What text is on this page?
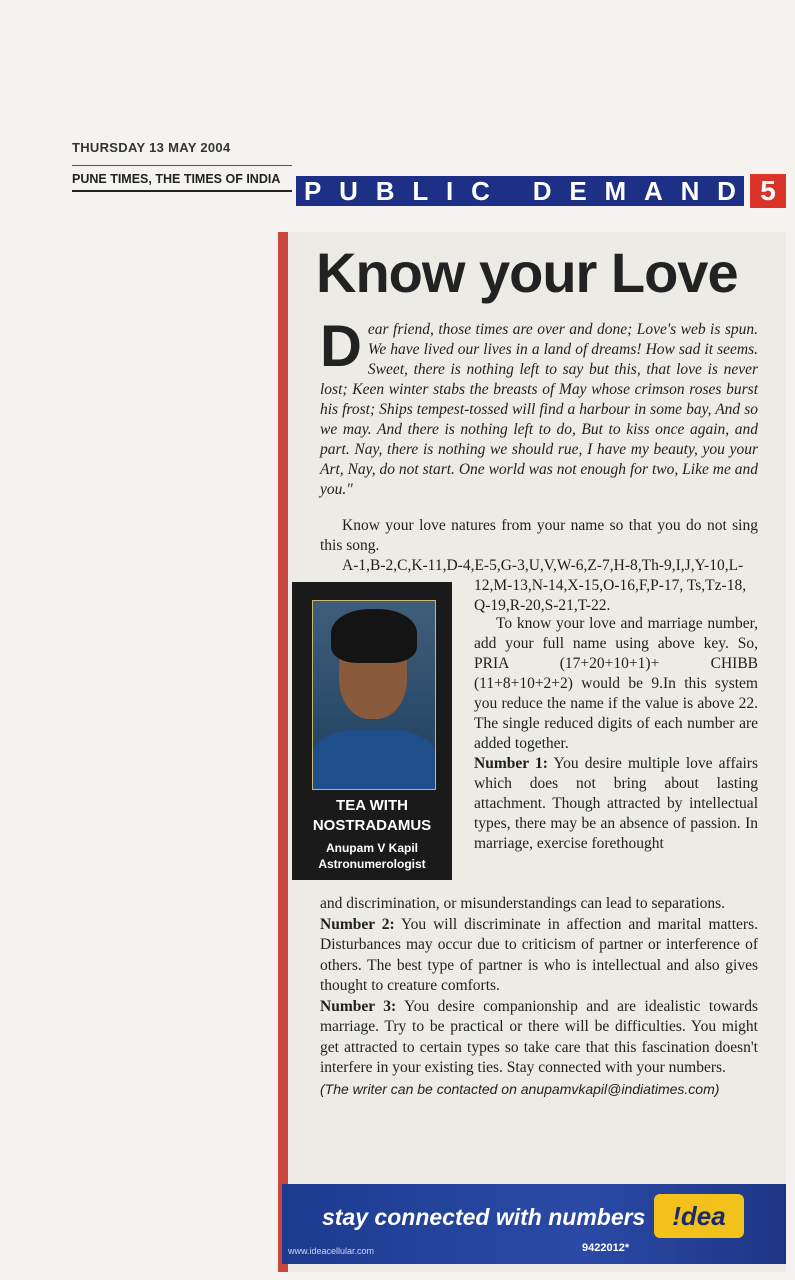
THURSDAY 13 MAY 2004
PUNE TIMES, THE TIMES OF INDIA P U B L I C
D E M A N D 5
Know your Love
Dear friend, those times are over and done; Love's web is spun. We have lived our lives in a land of dreams! How sad it seems. Sweet, there is nothing left to say but this, that love is never lost; Keen winter stabs the breasts of May whose crimson roses burst his frost; Ships tempest-tossed will find a harbour in some bay, And so we may. And there is nothing left to do, But to kiss once again, and part. Nay, there is nothing we should rue, I have my beauty, you your Art, Nay, do not start. One world was not enough for two, Like me and you."

Know your love natures from your name so that you do not sing this song.

A-1,B-2,C,K-11,D-4,E-5,G-3,U,V,W-6,Z-7,H-8,Th-9,I,J,Y-10,L-

12,M-13,N-14,X-15,O-16,F,P-17, Ts,Tz-18, Q-19,R-20,S-21,T-22.

TEA WITH NOSTRADAMUS
Anupam V Kapil
Astronumerologist

To know your love and marriage number, add your full name using above key. So, PRIA (17+20+10+1)+ CHIBB (11+8+10+2+2) would be 9.In this system you reduce the name if the value is above 22. The single reduced digits of each number are added together.

Number 1: You desire multiple love affairs which does not bring about lasting attachment. Though attracted by intellectual types, there may be an absence of passion. In marriage, exercise forethought

and discrimination, or misunderstandings can lead to separations.

Number 2: You will discriminate in affection and marital matters. Disturbances may occur due to criticism of partner or interference of others. The best type of partner is who is intellectual and also gives thought to creature comforts.

Number 3: You desire companionship and are idealistic towards marriage. Try to be practical or there will be difficulties. You might get attracted to certain types so take care that this fascination doesn't interfere in your existing ties. Stay connected with your numbers.

(The writer can be contacted on anupamvkapil@indiatimes.com)

stay connected with numbers	!dea
9422012*
www.ideacellular.com
